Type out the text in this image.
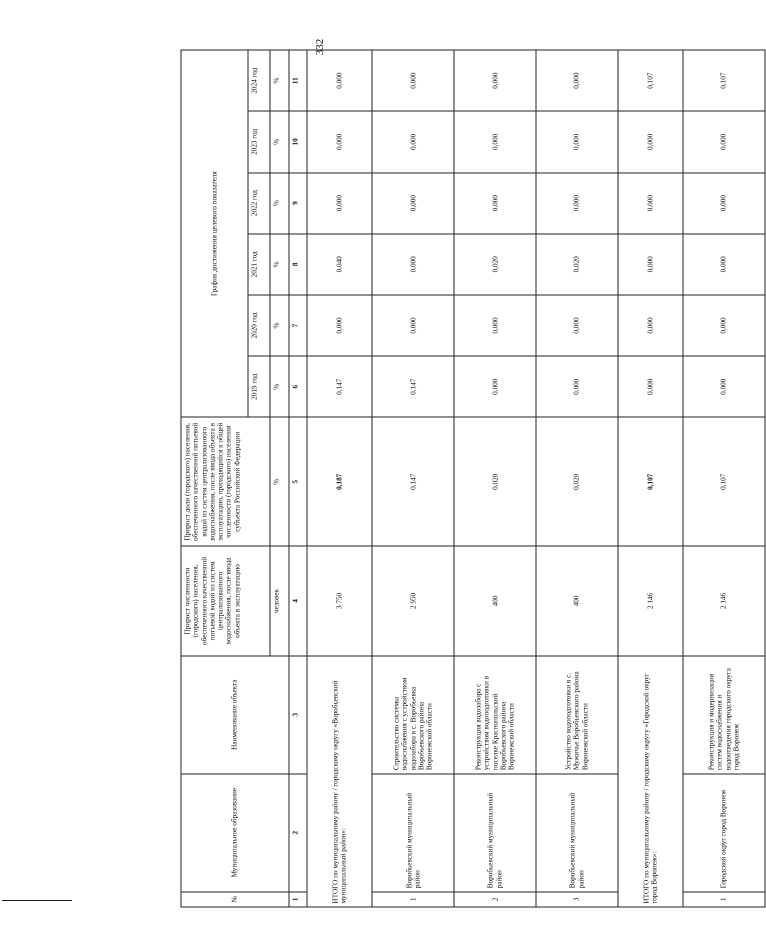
332
№	Муниципальное образование	Наименование объекта	Прирост численности (городского) населения, обеспеченного качественной питьевой водой из систем централизованного водоснабжения, после ввода объекта в эксплуатацию	Прирост доли (городского) населения, обеспеченного качественной питьевой водой из систем централизованного водоснабжения, после ввода объекта в эксплуатацию, приходящийся к общей численности (городского) населения субъекта Российской Федерации	График достижения целевого показателя					
					2019 год	2020 год	2021 год	2022 год	2023 год	2024 год
			человек	%	%	%	%	%	%	%
1	2	3	4	5	6	7	8	9	10	11
ИТОГО по муниципальному району / городскому округу «Воробьевский муниципальный район»:			3 750	0,187	0,147	0,000	0,040	0,000	0,000	0,000
1	Воробьевский муниципальный район	Строительство системы водоснабжения с устройством водозабора в с. Воробьевка Воробьевского района Воронежской области	2 950	0,147	0,147	0,000	0,000	0,000	0,000	0,000
2	Воробьевский муниципальный район	Реконструкция водозабора с устройством водоподготовки в поселке Краснопольский Воробьевского района Воронежской области	400	0,020	0,000	0,000	0,020	0,000	0,000	0,000
3	Воробьевский муниципальный район	Устройство водоподготовки в с. Мужичье Воробьевского района Воронежской области	400	0,020	0,000	0,000	0,020	0,000	0,000	0,000
ИТОГО по муниципальному району / городскому округу «Городской округ город Воронеж»:			2 146	0,107	0,000	0,000	0,000	0,000	0,000	0,107
1	Городской округ город Воронеж	Реконструкция и модернизация систем водоснабжения и водоотведения городского округа город Воронеж	2 146	0,107	0,000	0,000	0,000	0,000	0,000	0,107
